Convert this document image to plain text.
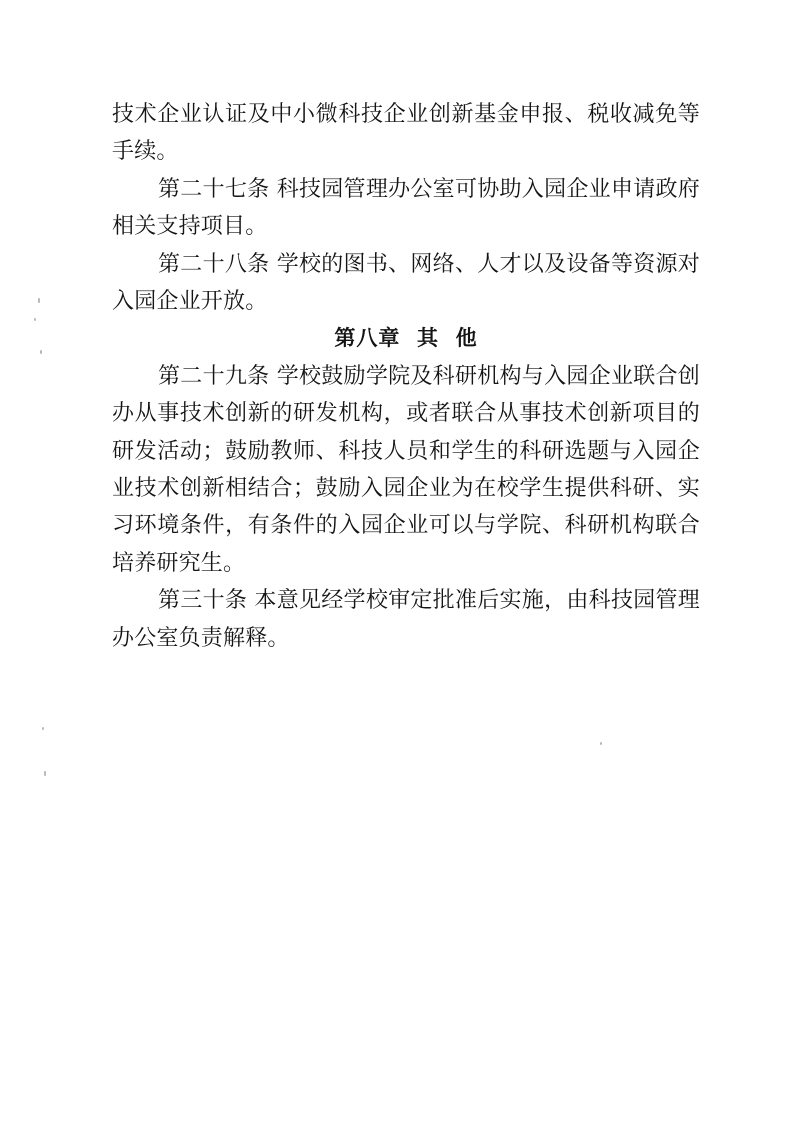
技术企业认证及中小微科技企业创新基金申报、税收减免等手续。

第二十七条 科技园管理办公室可协助入园企业申请政府相关支持项目。

第二十八条 学校的图书、网络、人才以及设备等资源对入园企业开放。

第八章  其  他

第二十九条 学校鼓励学院及科研机构与入园企业联合创办从事技术创新的研发机构，或者联合从事技术创新项目的研发活动；鼓励教师、科技人员和学生的科研选题与入园企业技术创新相结合；鼓励入园企业为在校学生提供科研、实习环境条件，有条件的入园企业可以与学院、科研机构联合培养研究生。

第三十条 本意见经学校审定批准后实施，由科技园管理办公室负责解释。
